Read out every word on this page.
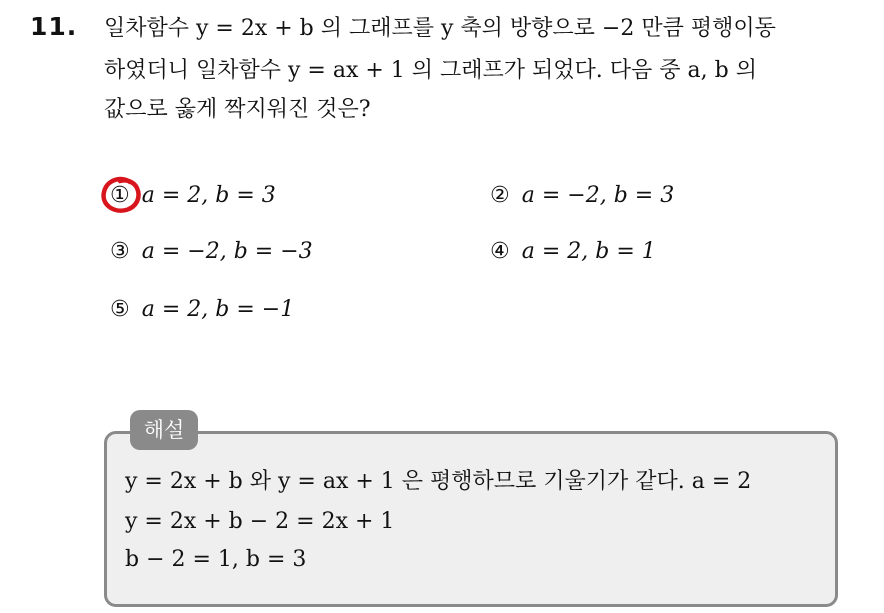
11. 일차함수 y = 2x + b 의 그래프를 y 축의 방향으로 −2 만큼 평행이동
하였더니 일차함수 y = ax + 1 의 그래프가 되었다. 다음 중 a, b 의
값으로 옳게 짝지워진 것은?
① a = 2, b = 3	② a = −2, b = 3
③ a = −2, b = −3	④ a = 2, b = 1
⑤ a = 2, b = −1
해설
y = 2x + b 와 y = ax + 1 은 평행하므로 기울기가 같다. a = 2
y = 2x + b − 2 = 2x + 1
b − 2 = 1, b = 3
